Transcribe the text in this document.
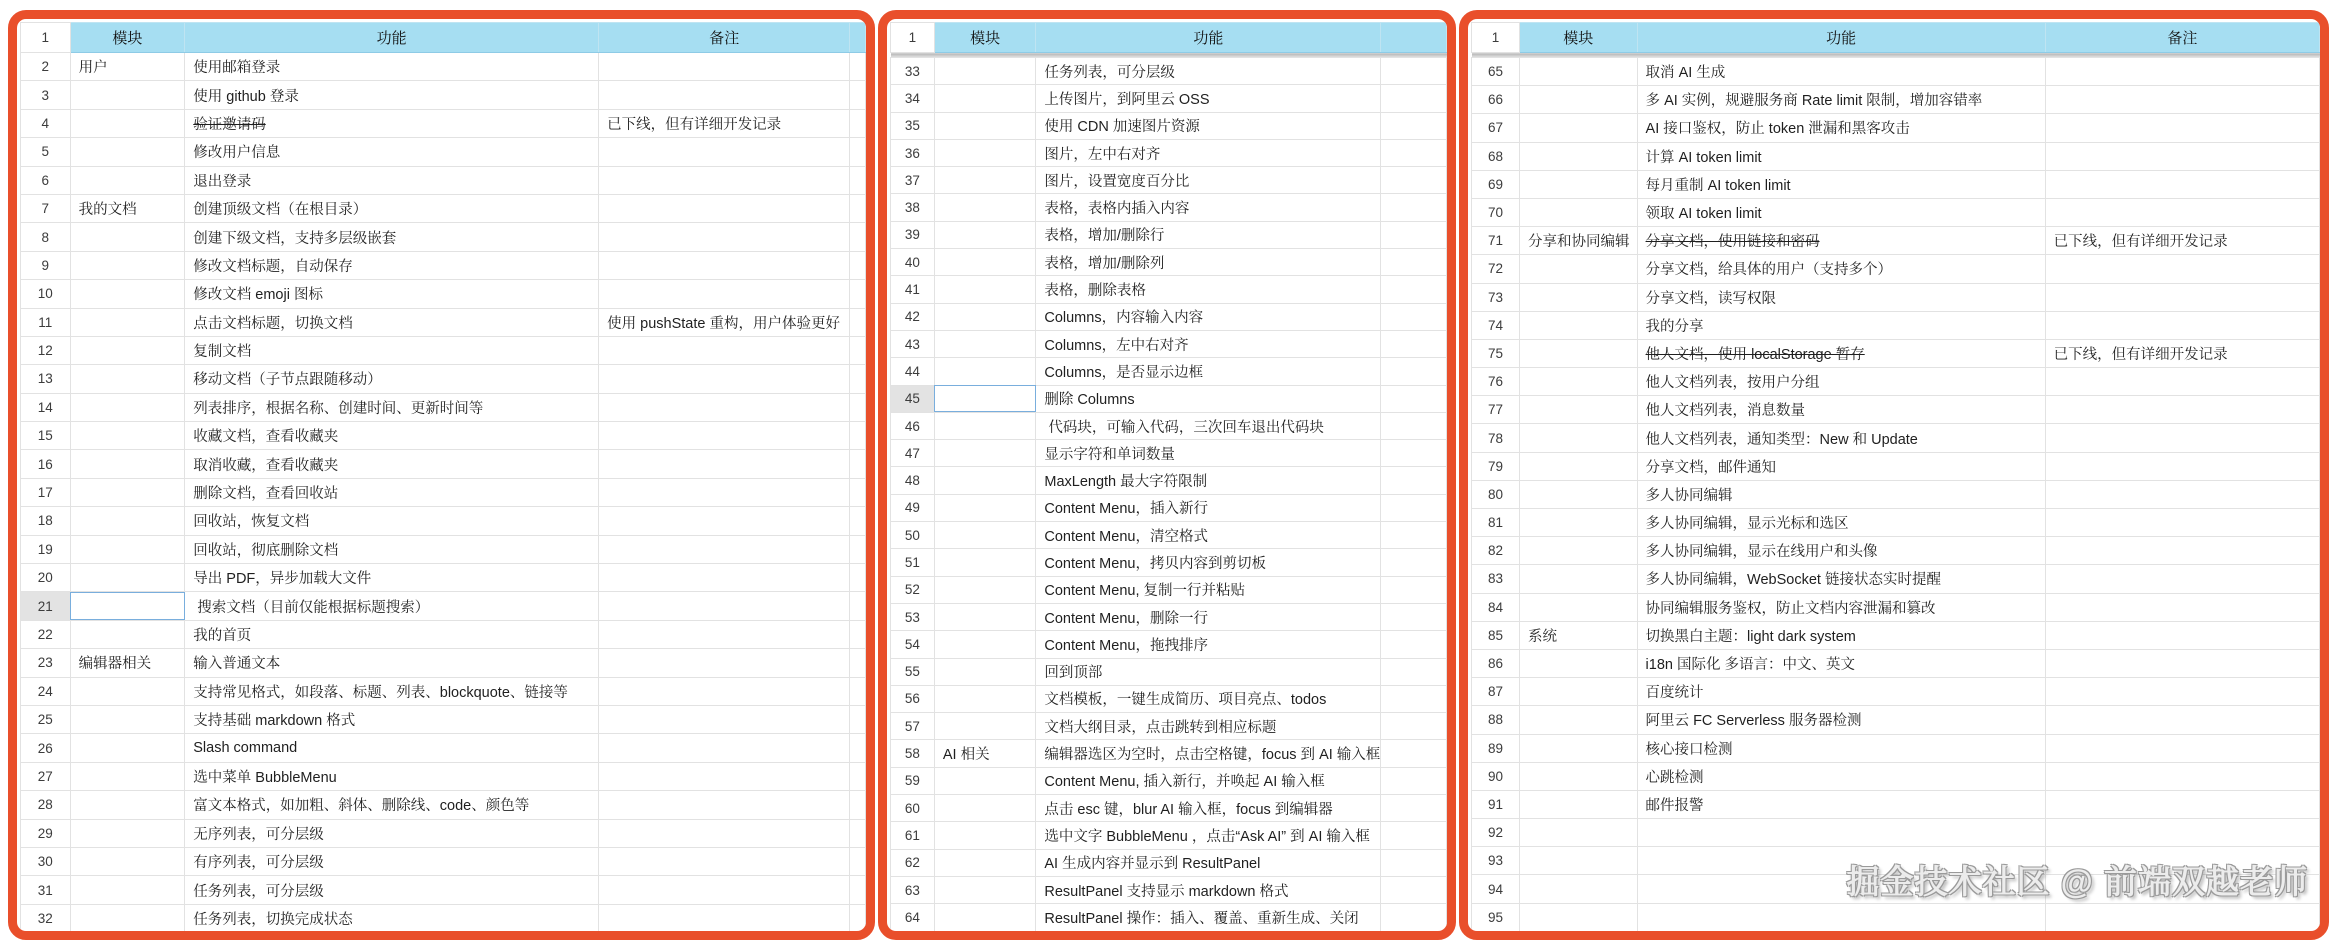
1	模块	功能	备注	
2	用户	使用邮箱登录		
3		使用 github 登录		
4		验证邀请码	已下线，但有详细开发记录	
5		修改用户信息		
6		退出登录		
7	我的文档	创建顶级文档（在根目录）		
8		创建下级文档，支持多层级嵌套		
9		修改文档标题，自动保存		
10		修改文档 emoji 图标		
11		点击文档标题，切换文档	使用 pushState 重构，用户体验更好	
12		复制文档		
13		移动文档（子节点跟随移动）		
14		列表排序，根据名称、创建时间、更新时间等		
15		收藏文档，查看收藏夹		
16		取消收藏，查看收藏夹		
17		删除文档，查看回收站		
18		回收站，恢复文档		
19		回收站，彻底删除文档		
20		导出 PDF，异步加载大文件		
21		搜索文档（目前仅能根据标题搜索）		
22		我的首页		
23	编辑器相关	输入普通文本		
24		支持常见格式，如段落、标题、列表、blockquote、链接等		
25		支持基础 markdown 格式		
26		Slash command		
27		选中菜单 BubbleMenu		
28		富文本格式，如加粗、斜体、删除线、code、颜色等		
29		无序列表，可分层级		
30		有序列表，可分层级		
31		任务列表，可分层级		
32		任务列表，切换完成状态		
1	模块	功能	

33		任务列表，可分层级	
34		上传图片，到阿里云 OSS	
35		使用 CDN 加速图片资源	
36		图片，左中右对齐	
37		图片，设置宽度百分比	
38		表格，表格内插入内容	
39		表格，增加/删除行	
40		表格，增加/删除列	
41		表格，删除表格	
42		Columns，内容输入内容	
43		Columns，左中右对齐	
44		Columns，是否显示边框	
45		删除 Columns	
46		代码块，可输入代码，三次回车退出代码块	
47		显示字符和单词数量	
48		MaxLength 最大字符限制	
49		Content Menu，插入新行	
50		Content Menu，清空格式	
51		Content Menu，拷贝内容到剪切板	
52		Content Menu, 复制一行并粘贴	
53		Content Menu，删除一行	
54		Content Menu，拖拽排序	
55		回到顶部	
56		文档模板，一键生成简历、项目亮点、todos	
57		文档大纲目录，点击跳转到相应标题	
58	AI 相关	编辑器选区为空时，点击空格键，focus 到 AI 输入框	
59		Content Menu, 插入新行，并唤起 AI 输入框	
60		点击 esc 键，blur AI 输入框，focus 到编辑器	
61		选中文字 BubbleMenu ，点击“Ask AI” 到 AI 输入框	
62		AI 生成内容并显示到 ResultPanel	
63		ResultPanel 支持显示 markdown 格式	
64		ResultPanel 操作：插入、覆盖、重新生成、关闭	
1	模块	功能	备注

65		取消 AI 生成	
66		多 AI 实例，规避服务商 Rate limit 限制，增加容错率	
67		AI 接口鉴权，防止 token 泄漏和黑客攻击	
68		计算 AI token limit	
69		每月重制 AI token limit	
70		领取 AI token limit	
71	分享和协同编辑	分享文档，使用链接和密码	已下线，但有详细开发记录
72		分享文档，给具体的用户（支持多个）	
73		分享文档，读写权限	
74		我的分享	
75		他人文档，使用 localStorage 暂存	已下线，但有详细开发记录
76		他人文档列表，按用户分组	
77		他人文档列表，消息数量	
78		他人文档列表，通知类型：New 和 Update	
79		分享文档，邮件通知	
80		多人协同编辑	
81		多人协同编辑，显示光标和选区	
82		多人协同编辑，显示在线用户和头像	
83		多人协同编辑，WebSocket 链接状态实时提醒	
84		协同编辑服务鉴权，防止文档内容泄漏和篡改	
85	系统	切换黑白主题：light dark system	
86		i18n 国际化 多语言：中文、英文	
87		百度统计	
88		阿里云 FC Serverless 服务器检测	
89		核心接口检测	
90		心跳检测	
91		邮件报警	
92			
93			
94			
95			
掘金技术社区 @ 前端双越老师
